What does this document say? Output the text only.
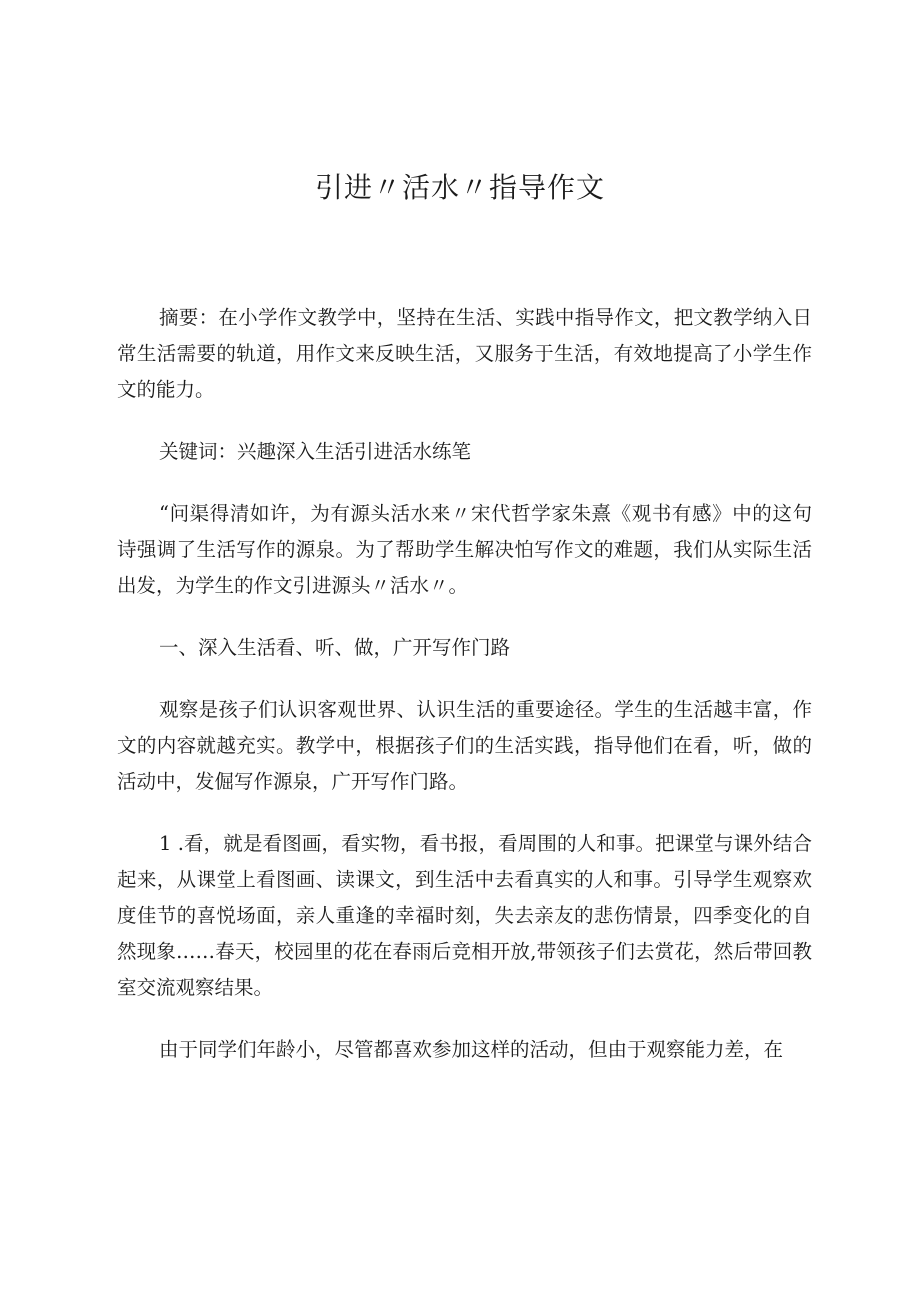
引进〃活水〃指导作文

摘要：在小学作文教学中，坚持在生活、实践中指导作文，把文教学纳入日常生活需要的轨道，用作文来反映生活，又服务于生活，有效地提高了小学生作文的能力。

关键词：兴趣深入生活引进活水练笔

“问渠得清如许，为有源头活水来〃宋代哲学家朱熹《观书有感》中的这句诗强调了生活写作的源泉。为了帮助学生解决怕写作文的难题，我们从实际生活出发，为学生的作文引进源头〃活水〃。

一、深入生活看、听、做，广开写作门路

观察是孩子们认识客观世界、认识生活的重要途径。学生的生活越丰富，作文的内容就越充实。教学中，根据孩子们的生活实践，指导他们在看，听，做的活动中，发倔写作源泉，广开写作门路。

1 .看，就是看图画，看实物，看书报，看周围的人和事。把课堂与课外结合起来，从课堂上看图画、读课文，到生活中去看真实的人和事。引导学生观察欢度佳节的喜悦场面，亲人重逢的幸福时刻，失去亲友的悲伤情景，四季变化的自然现象……春天，校园里的花在春雨后竞相开放,带领孩子们去赏花，然后带回教室交流观察结果。

由于同学们年龄小，尽管都喜欢参加这样的活动，但由于观察能力差，在
